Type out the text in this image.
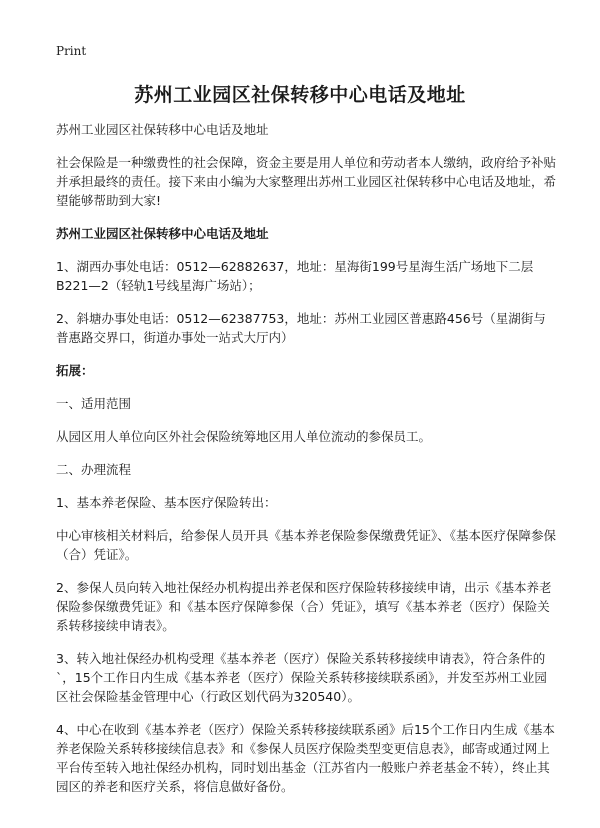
Print
苏州工业园区社保转移中心电话及地址

苏州工业园区社保转移中心电话及地址

社会保险是一种缴费性的社会保障，资金主要是用人单位和劳动者本人缴纳，政府给予补贴并承担最终的责任。接下来由小编为大家整理出苏州工业园区社保转移中心电话及地址，希望能够帮助到大家!

苏州工业园区社保转移中心电话及地址

1、湖西办事处电话：0512—62882637，地址：星海街199号星海生活广场地下二层B221—2（轻轨1号线星海广场站）；

2、斜塘办事处电话：0512—62387753，地址：苏州工业园区普惠路456号（星湖街与普惠路交界口，街道办事处一站式大厅内）

拓展：

一、适用范围

从园区用人单位向区外社会保险统筹地区用人单位流动的参保员工。

二、办理流程

1、基本养老保险、基本医疗保险转出：

中心审核相关材料后，给参保人员开具《基本养老保险参保缴费凭证》、《基本医疗保障参保（合）凭证》。

2、参保人员向转入地社保经办机构提出养老保和医疗保险转移接续申请，出示《基本养老保险参保缴费凭证》和《基本医疗保障参保（合）凭证》，填写《基本养老（医疗）保险关系转移接续申请表》。

3、转入地社保经办机构受理《基本养老（医疗）保险关系转移接续申请表》，符合条件的`，15个工作日内生成《基本养老（医疗）保险关系转移接续联系函》，并发至苏州工业园区社会保险基金管理中心（行政区划代码为320540）。

4、中心在收到《基本养老（医疗）保险关系转移接续联系函》后15个工作日内生成《基本养老保险关系转移接续信息表》和《参保人员医疗保险类型变更信息表》，邮寄或通过网上平台传至转入地社保经办机构，同时划出基金（江苏省内一般账户养老基金不转），终止其园区的养老和医疗关系，将信息做好备份。
